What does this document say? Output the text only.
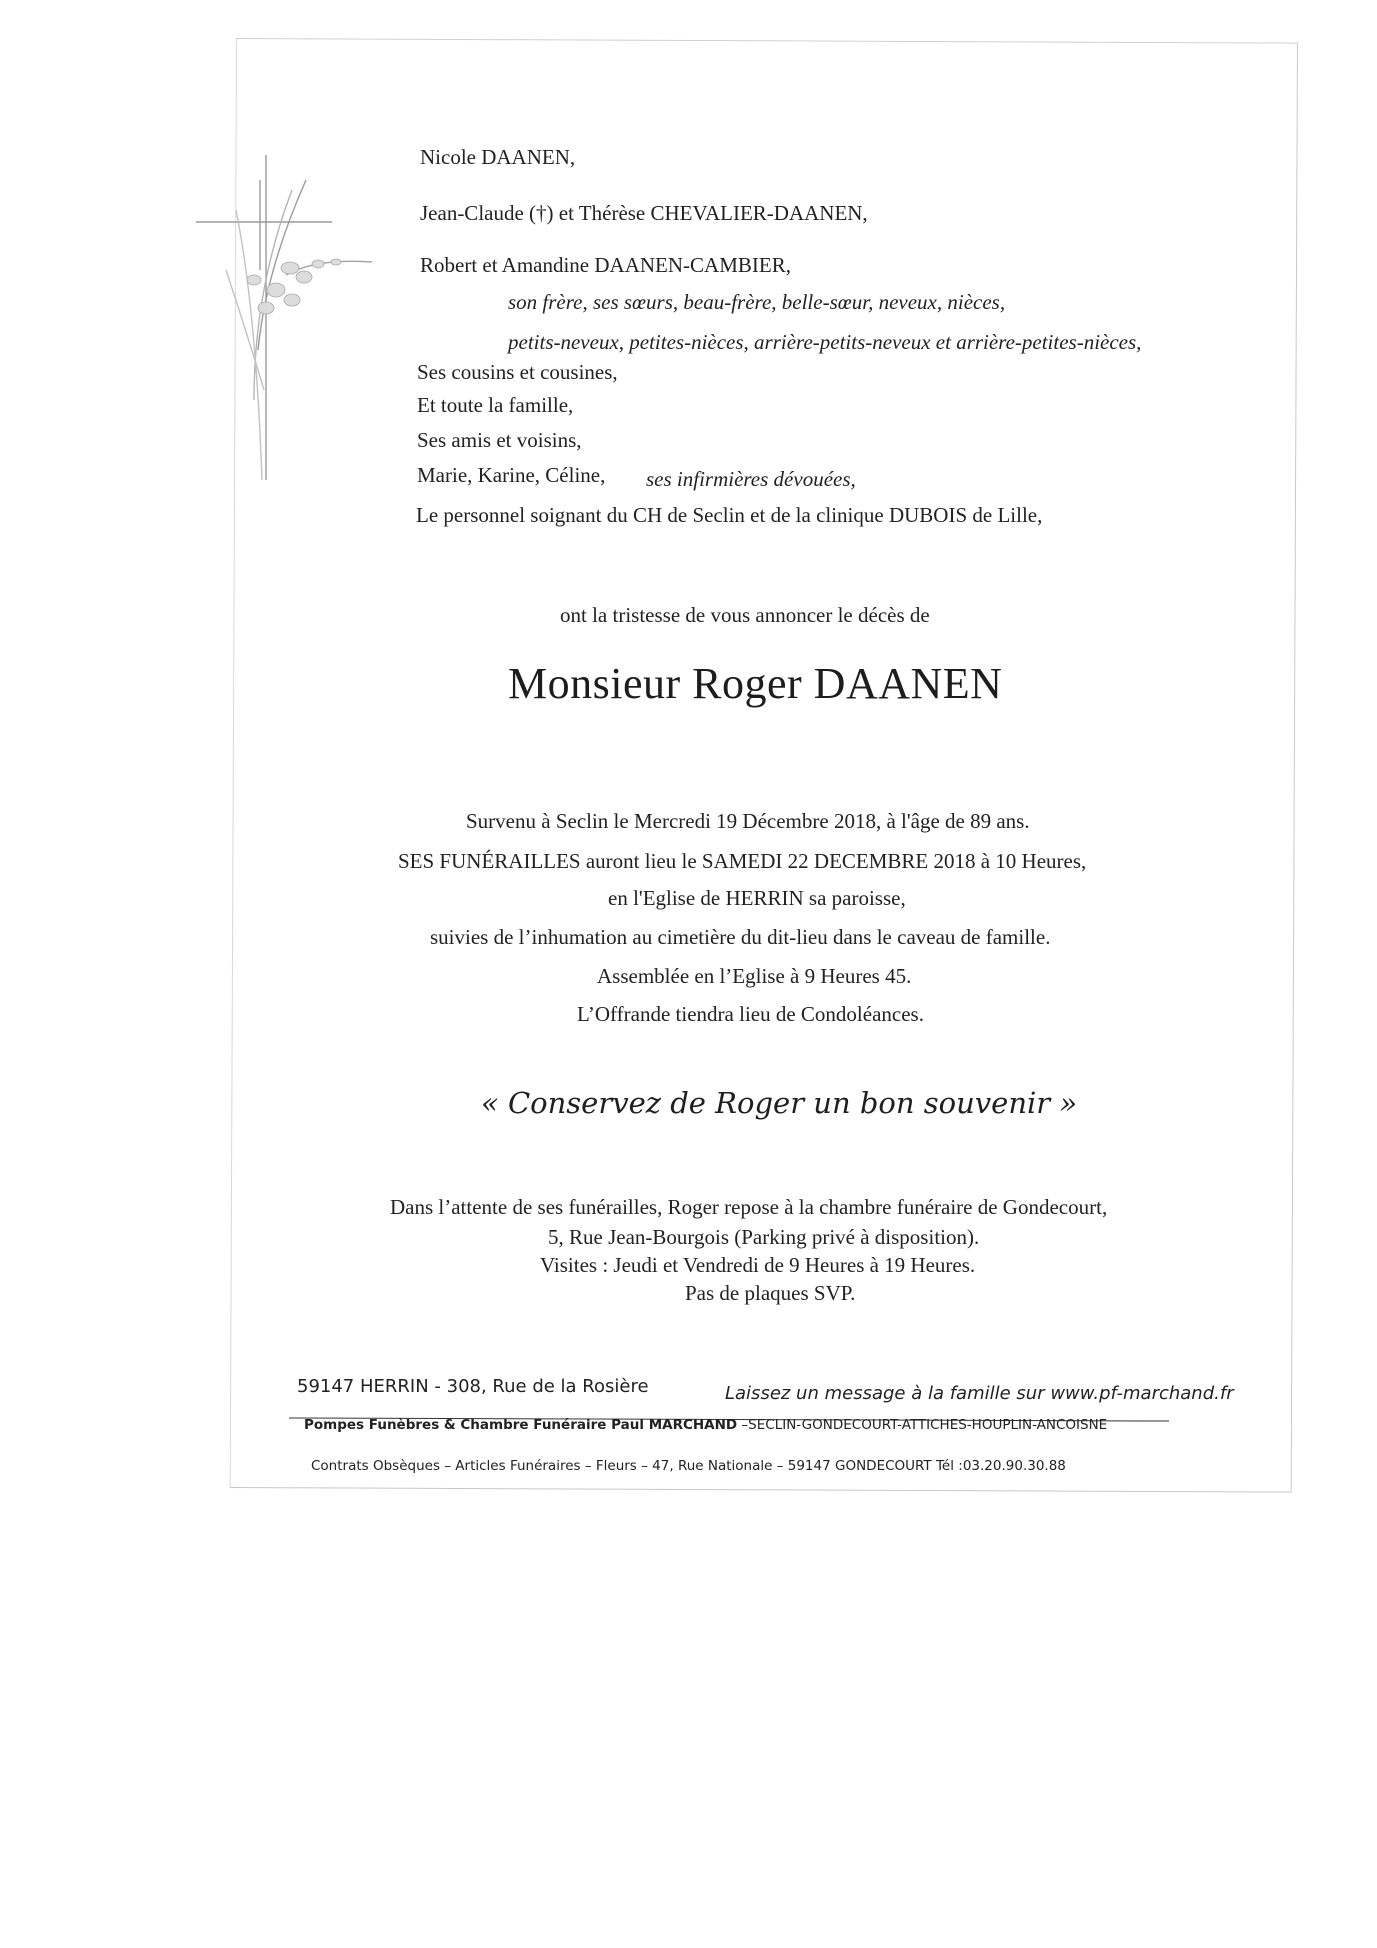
Nicole DAANEN,
Jean-Claude (†) et Thérèse CHEVALIER-DAANEN,
Robert et Amandine DAANEN-CAMBIER,
son frère, ses sœurs, beau-frère, belle-sœur, neveux, nièces,
petits-neveux, petites-nièces, arrière-petits-neveux et arrière-petites-nièces,
Ses cousins et cousines,
Et toute la famille,
Ses amis et voisins,
Marie, Karine, Céline, ses infirmières dévouées,
Le personnel soignant du CH de Seclin et de la clinique DUBOIS de Lille,
ont la tristesse de vous annoncer le décès de
Monsieur Roger DAANEN
Survenu à Seclin le Mercredi 19 Décembre 2018, à l'âge de 89 ans.
SES FUNÉRAILLES auront lieu le SAMEDI 22 DECEMBRE 2018 à 10 Heures,
en l'Eglise de HERRIN sa paroisse,
suivies de l’inhumation au cimetière du dit-lieu dans le caveau de famille.
Assemblée en l’Eglise à 9 Heures 45.
L’Offrande tiendra lieu de Condoléances.
« Conservez de Roger un bon souvenir »
Dans l’attente de ses funérailles, Roger repose à la chambre funéraire de Gondecourt,
5, Rue Jean-Bourgois (Parking privé à disposition).
Visites : Jeudi et Vendredi de 9 Heures à 19 Heures.
Pas de plaques SVP.
59147 HERRIN - 308, Rue de la Rosière	Laissez un message à la famille sur www.pf-marchand.fr
Pompes Funèbres & Chambre Funéraire Paul MARCHAND –SECLIN-GONDECOURT-ATTICHES-HOUPLIN-ANCOISNE
Contrats Obsèques – Articles Funéraires – Fleurs – 47, Rue Nationale – 59147 GONDECOURT Tél :03.20.90.30.88
